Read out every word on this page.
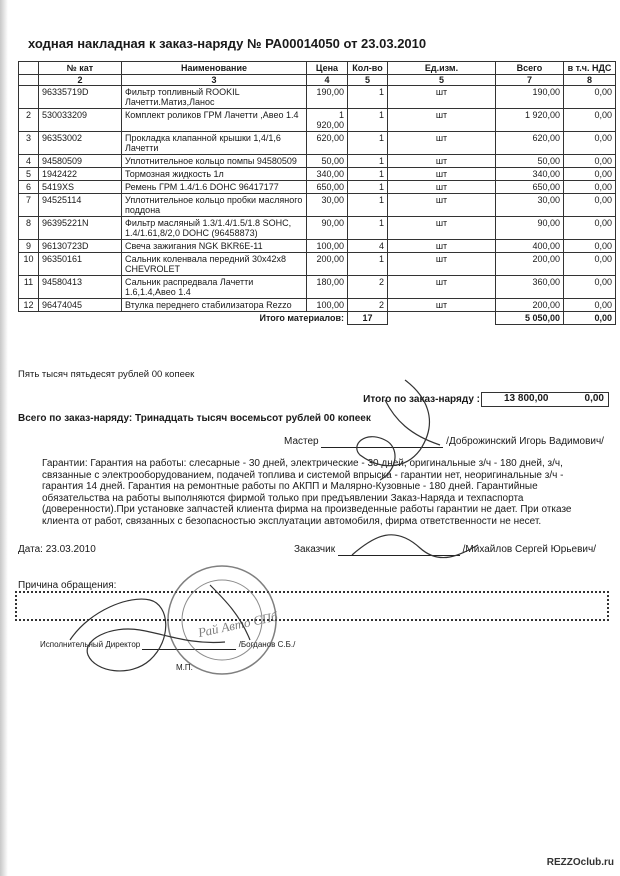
ходная накладная к заказ-наряду № РА00014050 от 23.03.2010
	№ кат	Наименование	Цена	Кол-во	Ед.изм.	Всего	в т.ч. НДС
	2	3	4	5	5	7	8
	96335719D	Фильтр топливный ROOKIL Лачетти.Матиз,Ланос	190,00	1	шт	190,00	0,00
2	530033209	Комплект роликов ГРМ Лачетти ,Авео 1.4	1 920,00	1	шт	1 920,00	0,00
3	96353002	Прокладка клапанной крышки 1,4/1,6 Лачетти	620,00	1	шт	620,00	0,00
4	94580509	Уплотнительное кольцо помпы 94580509	50,00	1	шт	50,00	0,00
5	1942422	Тормозная жидкость 1л	340,00	1	шт	340,00	0,00
6	5419XS	Ремень ГРМ 1.4/1.6 DOHC 96417177	650,00	1	шт	650,00	0,00
7	94525114	Уплотнительное кольцо пробки масляного поддона	30,00	1	шт	30,00	0,00
8	96395221N	Фильтр масляный 1.3/1.4/1.5/1.8 SOHC, 1.4/1.61,8/2,0 DOHC (96458873)	90,00	1	шт	90,00	0,00
9	96130723D	Свеча зажигания NGK BKR6E-11	100,00	4	шт	400,00	0,00
10	96350161	Сальник коленвала передний 30x42x8 CHEVROLET	200,00	1	шт	200,00	0,00
11	94580413	Сальник распредвала Лачетти 1.6,1.4,Авео 1.4	180,00	2	шт	360,00	0,00
12	96474045	Втулка переднего стабилизатора Rezzo	100,00	2	шт	200,00	0,00
Итого материалов:				17		5 050,00	0,00
Пять тысяч пятьдесят рублей 00 копеек
Итого по заказ-наряду : 13 800,00	0,00
Всего по заказ-наряду: Тринадцать тысяч восемьсот рублей 00 копеек
Мастер	/Доброжинский Игорь Вадимович/
Гарантии: Гарантия на работы: слесарные - 30 дней, электрические - 30 дней, оригинальные з/ч - 180 дней, з/ч, связанные с электрооборудованием, подачей топлива и системой впрыска - гарантии нет, неоригинальные з/ч - гарантия 14 дней. Гарантия на ремонтные работы по АКПП и Малярно-Кузовные - 180 дней. Гарантийные обязательства на работы выполняются фирмой только при предъявлении Заказ-Наряда и техпаспорта (доверенности).При установке запчастей клиента фирма на произведенные работы гарантии не дает. При отказе клиента от работ, связанных с безопасностью эксплуатации автомобиля, фирма ответственности не несет.
Дата: 23.03.2010	Заказчик	/Михайлов Сергей Юрьевич/
Причина обращения:
Исполнительный Директор	/Богданов С.Б./
М.П.
Рай Авто СПб
REZZOclub.ru
